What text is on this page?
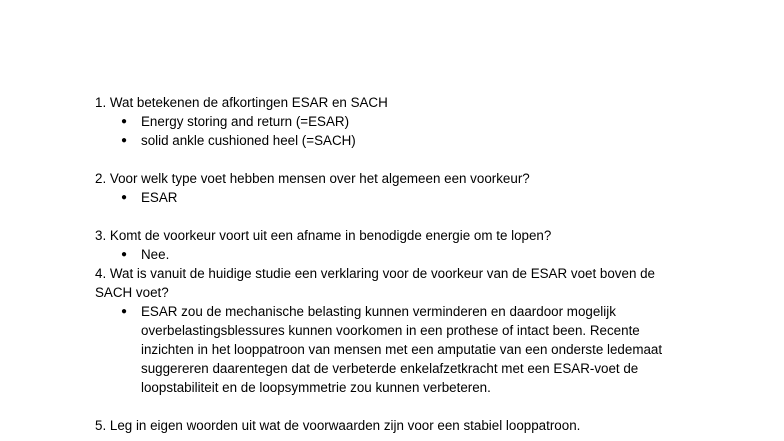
1. Wat betekenen de afkortingen ESAR en SACH

● Energy storing and return (=ESAR)
● solid ankle cushioned heel (=SACH)

2. Voor welk type voet hebben mensen over het algemeen een voorkeur?

● ESAR

3. Komt de voorkeur voort uit een afname in benodigde energie om te lopen?

● Nee.

4. Wat is vanuit de huidige studie een verklaring voor de voorkeur van de ESAR voet boven de SACH voet?

● ESAR zou de mechanische belasting kunnen verminderen en daardoor mogelijk overbelastingsblessures kunnen voorkomen in een prothese of intact been. Recente inzichten in het looppatroon van mensen met een amputatie van een onderste ledemaat suggereren daarentegen dat de verbeterde enkelafzetkracht met een ESAR-voet de loopstabiliteit en de loopsymmetrie zou kunnen verbeteren.

5. Leg in eigen woorden uit wat de voorwaarden zijn voor een stabiel looppatroon.
